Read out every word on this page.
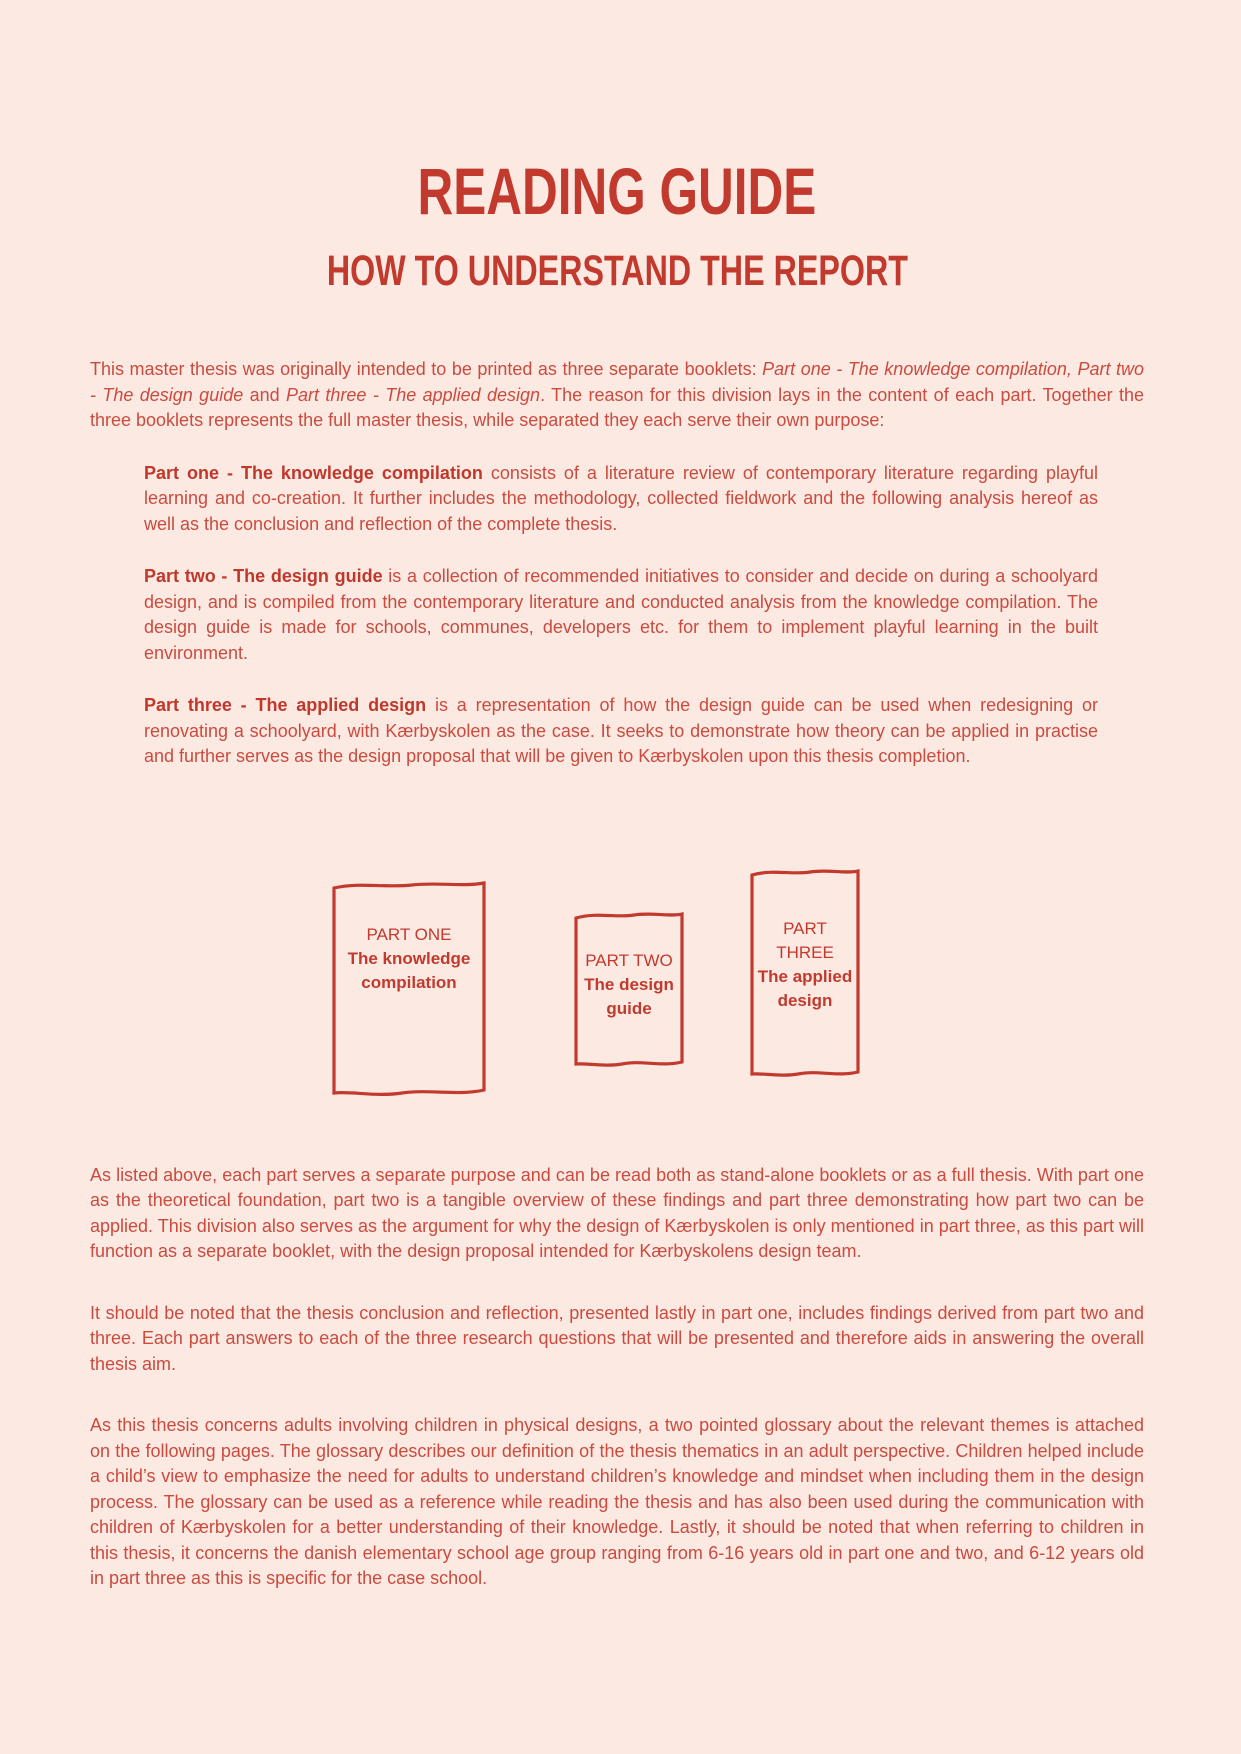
READING GUIDE
HOW TO UNDERSTAND THE REPORT

This master thesis was originally intended to be printed as three separate booklets: Part one - The knowledge compilation, Part two - The design guide and Part three - The applied design. The reason for this division lays in the content of each part. Together the three booklets represents the full master thesis, while separated they each serve their own purpose:

Part one - The knowledge compilation consists of a literature review of contemporary literature regarding playful learning and co-creation. It further includes the methodology, collected fieldwork and the following analysis hereof as well as the conclusion and reflection of the complete thesis.

Part two - The design guide is a collection of recommended initiatives to consider and decide on during a schoolyard design, and is compiled from the contemporary literature and conducted analysis from the knowledge compilation. The design guide is made for schools, communes, developers etc. for them to implement playful learning in the built environment.

Part three - The applied design is a representation of how the design guide can be used when redesigning or renovating a schoolyard, with Kærbyskolen as the case. It seeks to demonstrate how theory can be applied in practise and further serves as the design proposal that will be given to Kærbyskolen upon this thesis completion.

PART ONE
The knowledge compilation
PART TWO
The design guide
PART THREE
The applied design

As listed above, each part serves a separate purpose and can be read both as stand-alone booklets or as a full thesis. With part one as the theoretical foundation, part two is a tangible overview of these findings and part three demonstrating how part two can be applied. This division also serves as the argument for why the design of Kærbyskolen is only mentioned in part three, as this part will function as a separate booklet, with the design proposal intended for Kærbyskolens design team.

It should be noted that the thesis conclusion and reflection, presented lastly in part one, includes findings derived from part two and three. Each part answers to each of the three research questions that will be presented and therefore aids in answering the overall thesis aim.

As this thesis concerns adults involving children in physical designs, a two pointed glossary about the relevant themes is attached on the following pages. The glossary describes our definition of the thesis thematics in an adult perspective. Children helped include a child’s view to emphasize the need for adults to understand children’s knowledge and mindset when including them in the design process. The glossary can be used as a reference while reading the thesis and has also been used during the communication with children of Kærbyskolen for a better understanding of their knowledge. Lastly, it should be noted that when referring to children in this thesis, it concerns the danish elementary school age group ranging from 6-16 years old in part one and two, and 6-12 years old in part three as this is specific for the case school.
